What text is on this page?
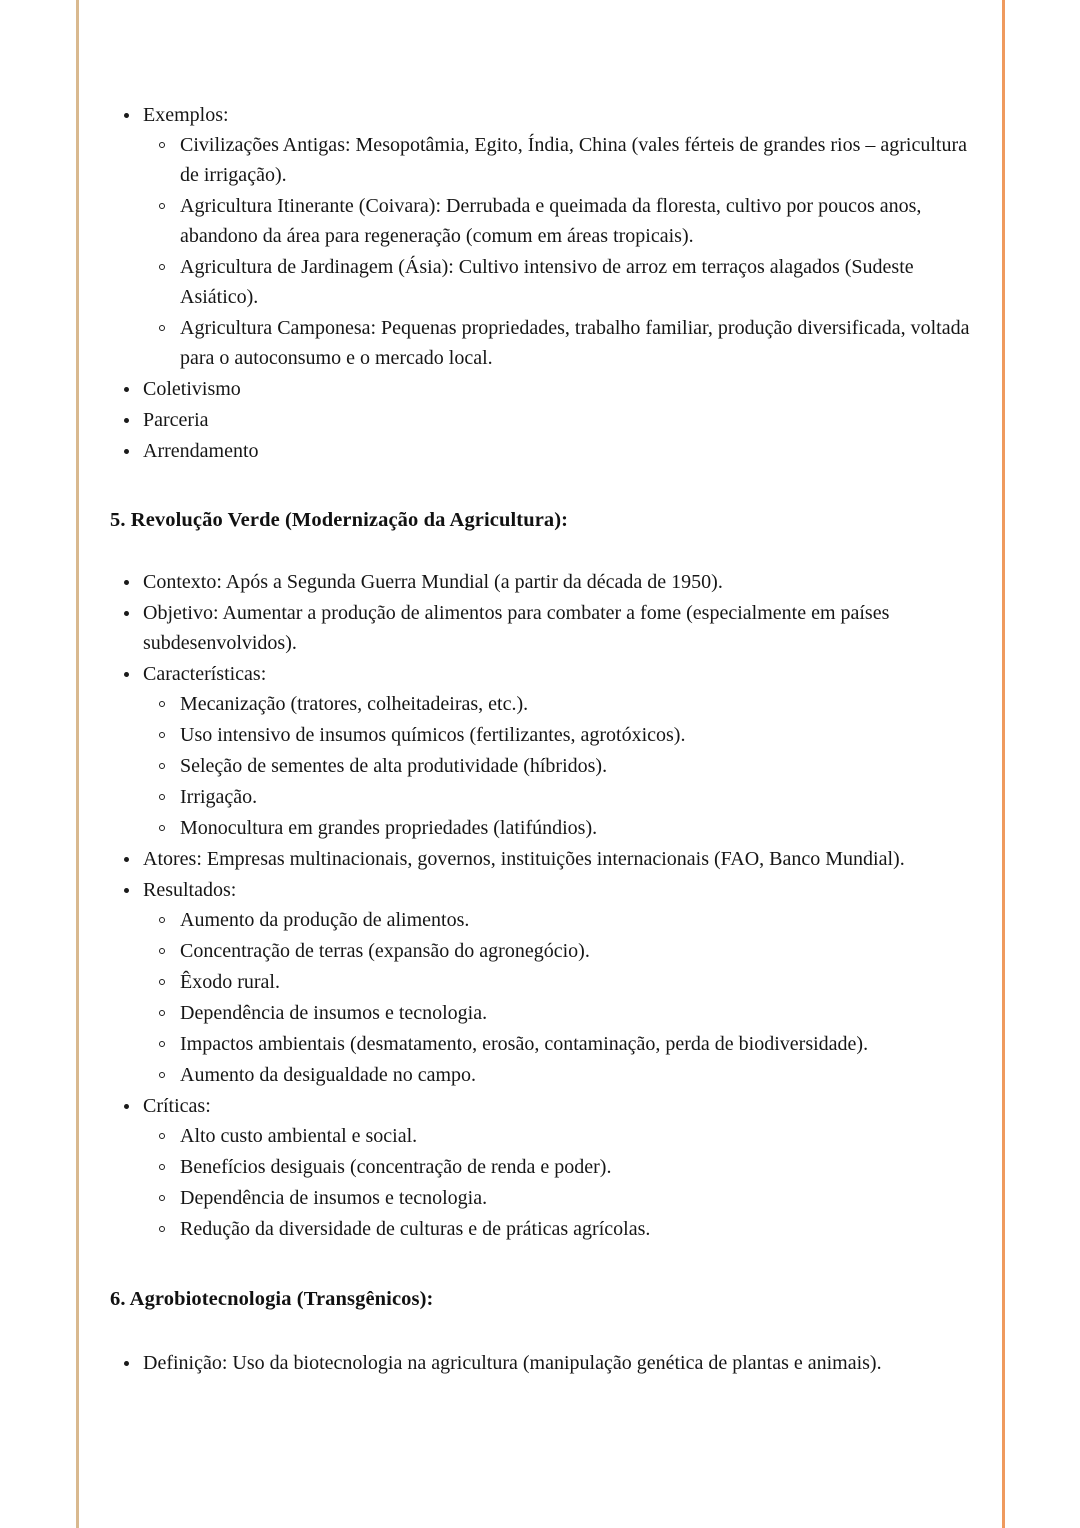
Exemplos:
Civilizações Antigas: Mesopotâmia, Egito, Índia, China (vales férteis de grandes rios – agricultura de irrigação).
Agricultura Itinerante (Coivara): Derrubada e queimada da floresta, cultivo por poucos anos, abandono da área para regeneração (comum em áreas tropicais).
Agricultura de Jardinagem (Ásia): Cultivo intensivo de arroz em terraços alagados (Sudeste Asiático).
Agricultura Camponesa: Pequenas propriedades, trabalho familiar, produção diversificada, voltada para o autoconsumo e o mercado local.
Coletivismo
Parceria
Arrendamento
5. Revolução Verde (Modernização da Agricultura):
Contexto: Após a Segunda Guerra Mundial (a partir da década de 1950).
Objetivo: Aumentar a produção de alimentos para combater a fome (especialmente em países subdesenvolvidos).
Características:
Mecanização (tratores, colheitadeiras, etc.).
Uso intensivo de insumos químicos (fertilizantes, agrotóxicos).
Seleção de sementes de alta produtividade (híbridos).
Irrigação.
Monocultura em grandes propriedades (latifúndios).
Atores: Empresas multinacionais, governos, instituições internacionais (FAO, Banco Mundial).
Resultados:
Aumento da produção de alimentos.
Concentração de terras (expansão do agronegócio).
Êxodo rural.
Dependência de insumos e tecnologia.
Impactos ambientais (desmatamento, erosão, contaminação, perda de biodiversidade).
Aumento da desigualdade no campo.
Críticas:
Alto custo ambiental e social.
Benefícios desiguais (concentração de renda e poder).
Dependência de insumos e tecnologia.
Redução da diversidade de culturas e de práticas agrícolas.
6. Agrobiotecnologia (Transgênicos):
Definição: Uso da biotecnologia na agricultura (manipulação genética de plantas e animais).
